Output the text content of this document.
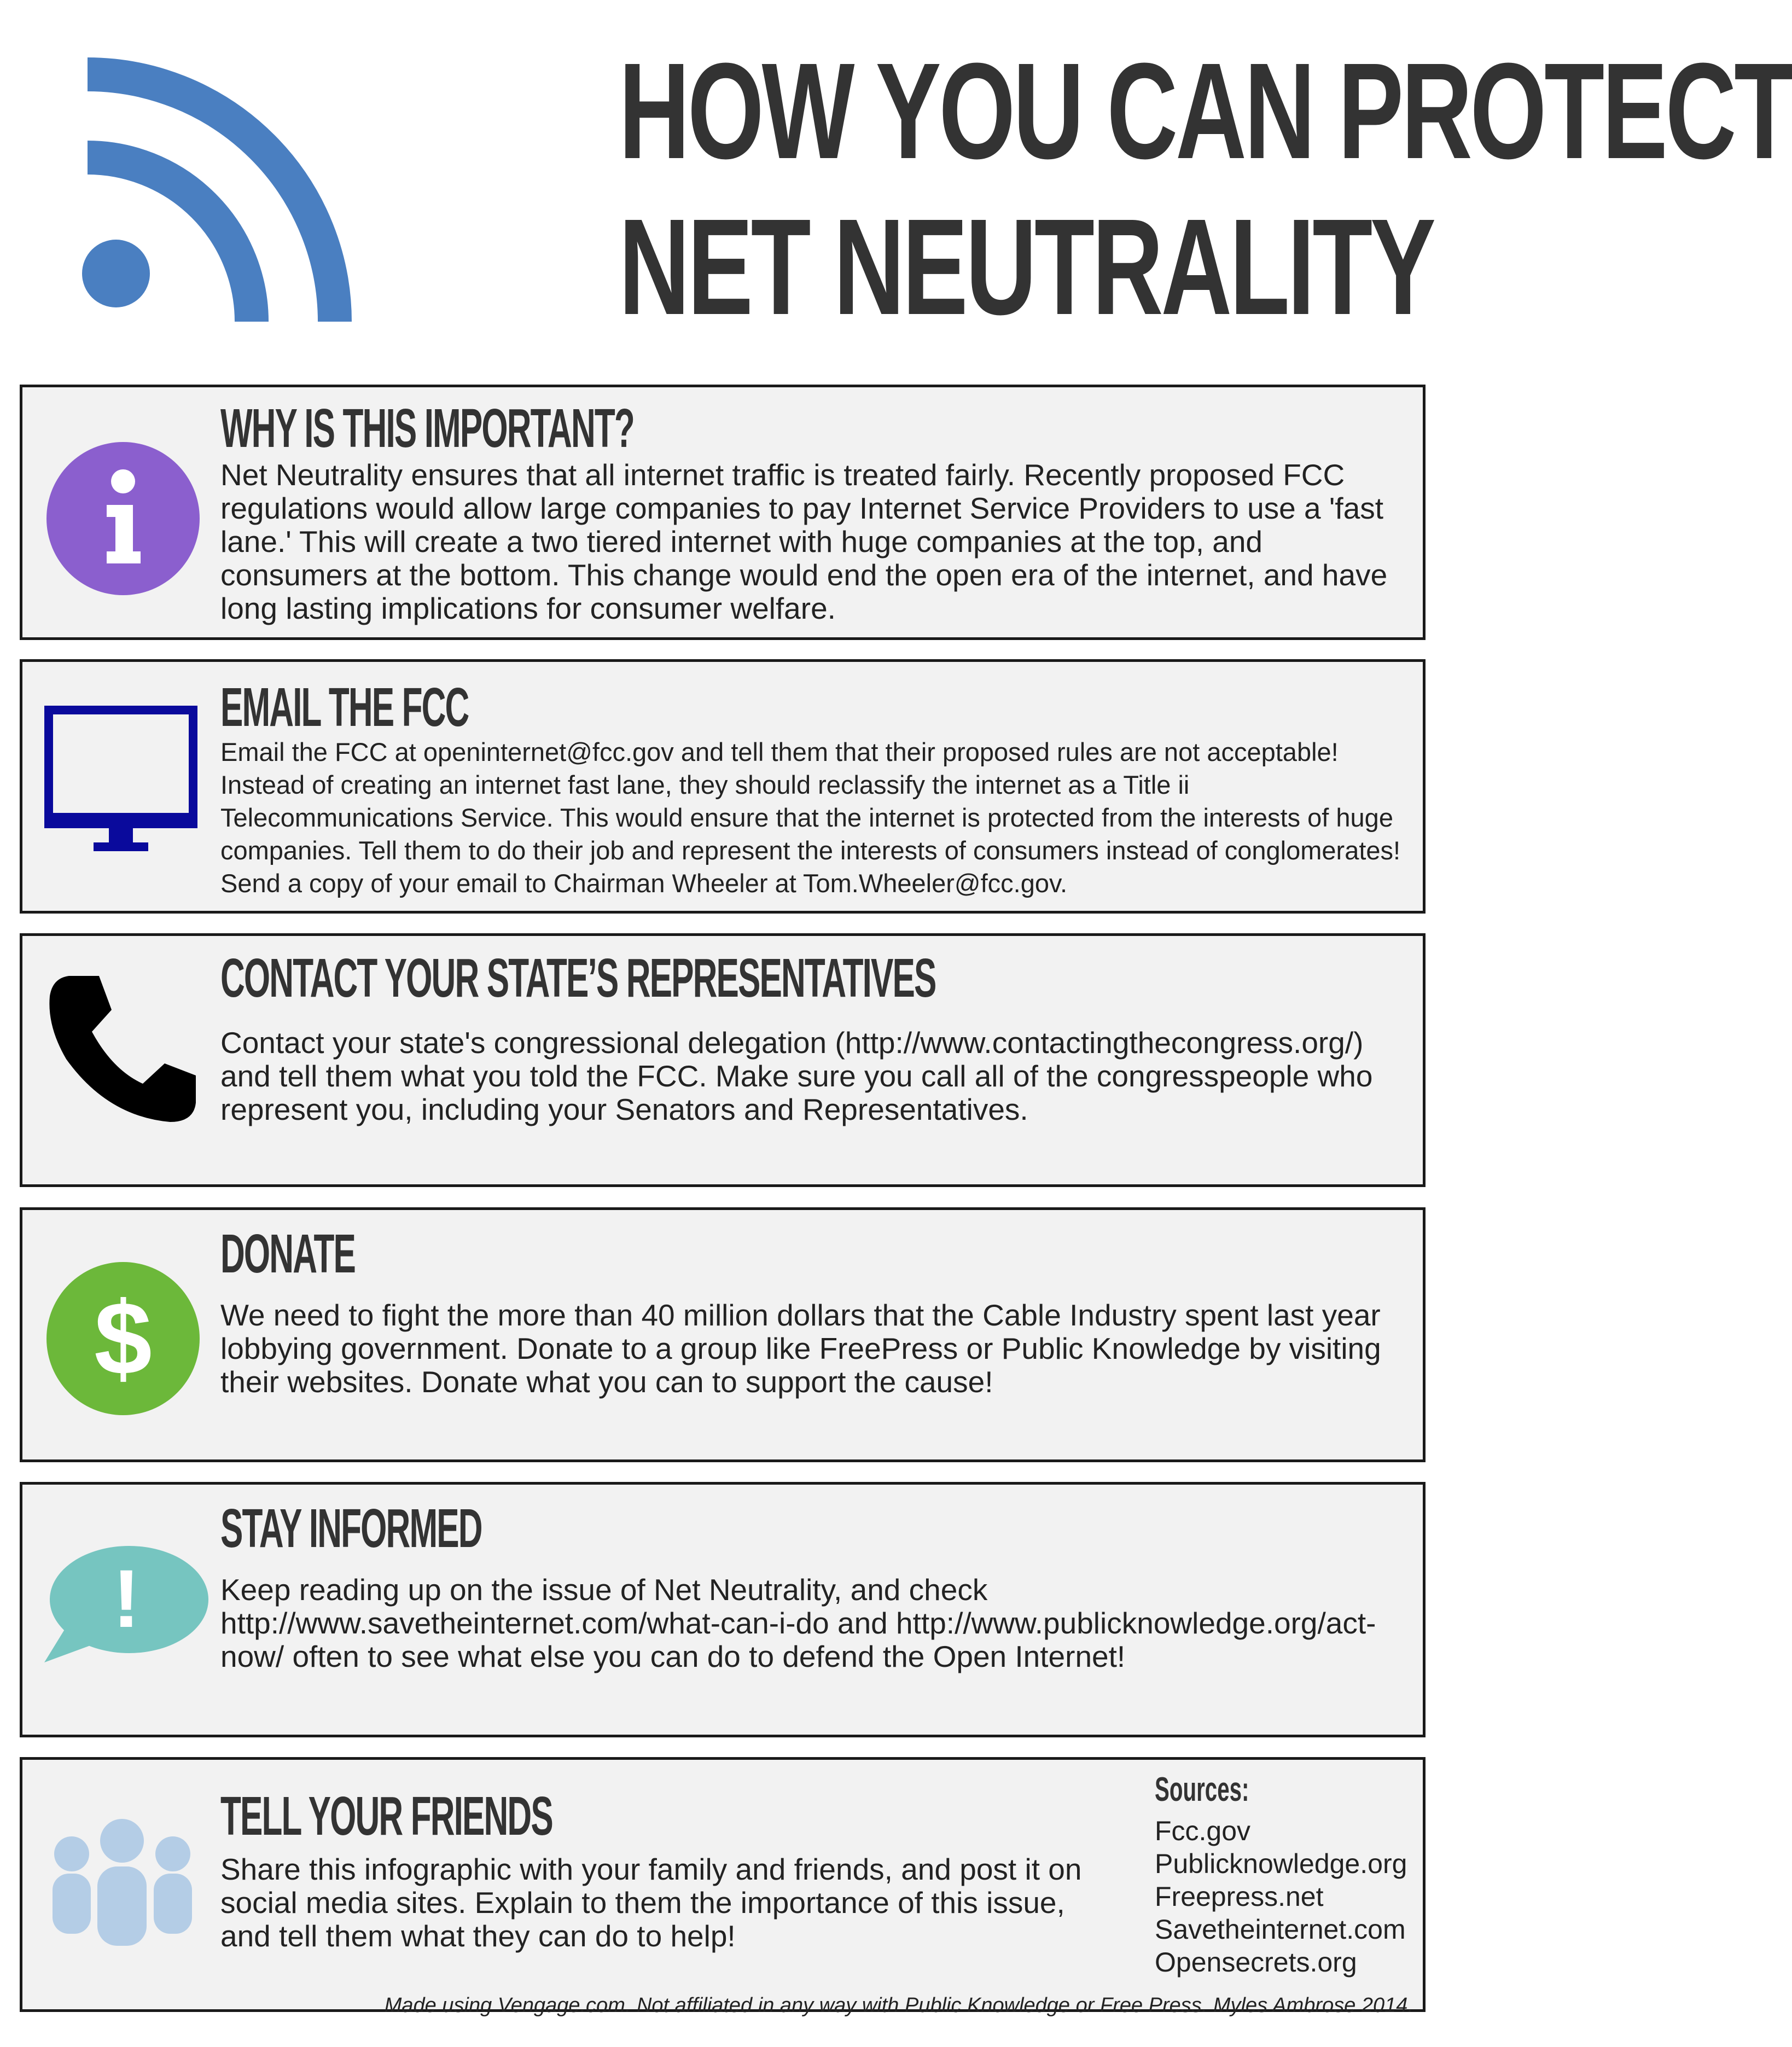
HOW YOU CAN PROTECT
NET NEUTRALITY
WHY IS THIS IMPORTANT?

Net Neutrality ensures that all internet traffic is treated fairly. Recently proposed FCC regulations would allow large companies to pay Internet Service Providers to use a 'fast lane.' This will create a two tiered internet with huge companies at the top, and consumers at the bottom. This change would end the open era of the internet, and have long lasting implications for consumer welfare.

EMAIL THE FCC

Email the FCC at openinternet@fcc.gov and tell them that their proposed rules are not acceptable! Instead of creating an internet fast lane, they should reclassify the internet as a Title ii Telecommunications Service. This would ensure that the internet is protected from the interests of huge companies. Tell them to do their job and represent the interests of consumers instead of conglomerates! Send a copy of your email to Chairman Wheeler at Tom.Wheeler@fcc.gov.

CONTACT YOUR STATE’S REPRESENTATIVES

Contact your state's congressional delegation (http://www.contactingthecongress.org/) and tell them what you told the FCC. Make sure you call all of the congresspeople who represent you, including your Senators and Representatives.

$
DONATE

We need to fight the more than 40 million dollars that the Cable Industry spent last year lobbying government. Donate to a group like FreePress or Public Knowledge by visiting their websites. Donate what you can to support the cause!

!
STAY INFORMED

Keep reading up on the issue of Net Neutrality, and check http://www.savetheinternet.com/what-can-i-do and http://www.publicknowledge.org/act-now/ often to see what else you can do to defend the Open Internet!

TELL YOUR FRIENDS

Share this infographic with your family and friends, and post it on social media sites. Explain to them the importance of this issue, and tell them what they can do to help!

Sources:
Fcc.gov
Publicknowledge.org
Freepress.net
Savetheinternet.com
Opensecrets.org
Made using Vengage.com. Not affiliated in any way with Public Knowledge or Free Press. Myles Ambrose 2014.
